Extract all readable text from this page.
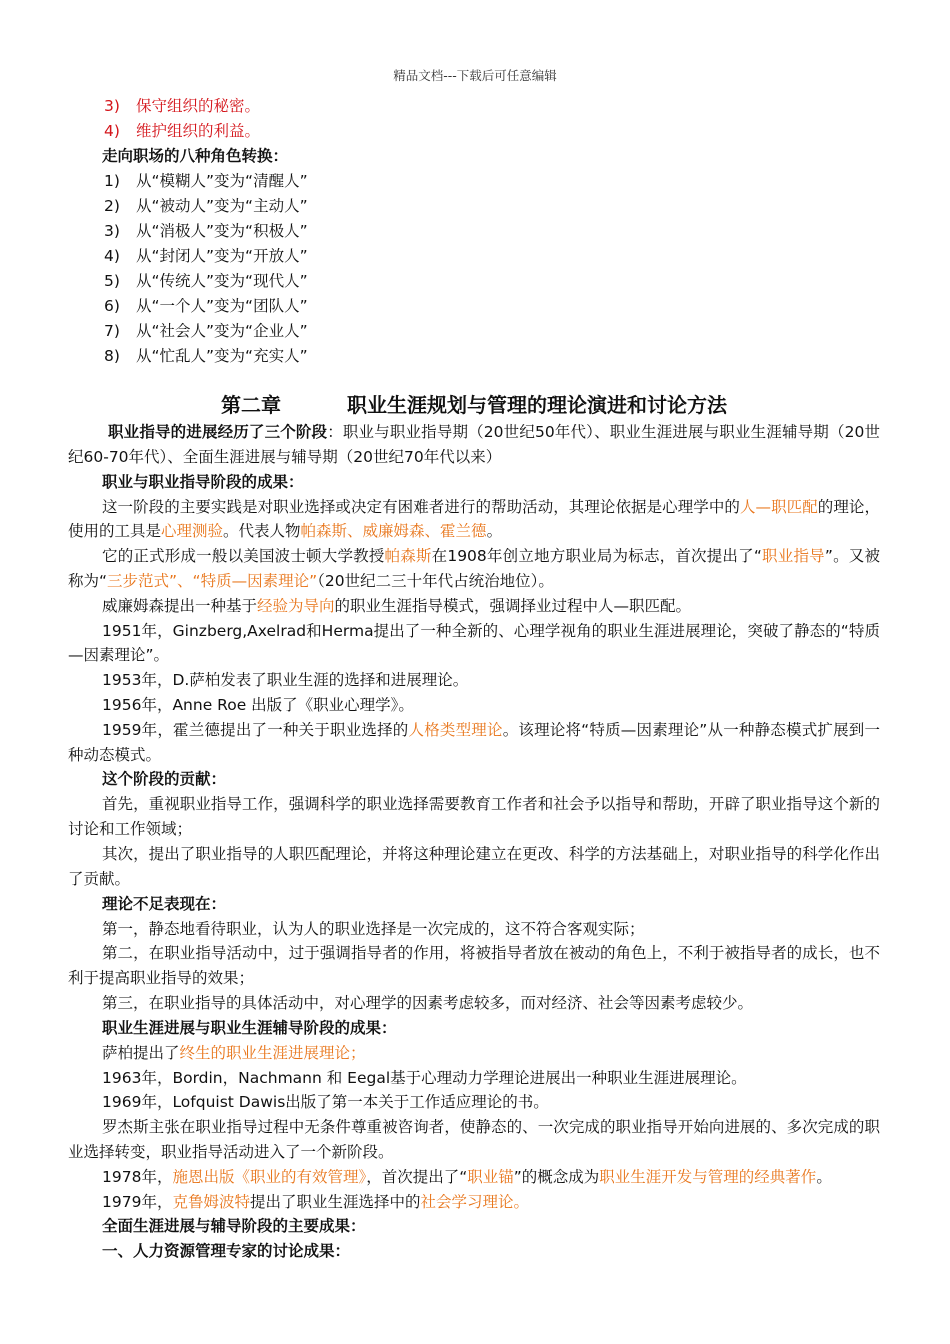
精品文档---下载后可任意编辑

3) 保守组织的秘密。

4) 维护组织的利益。

走向职场的八种角色转换：

1) 从“模糊人”变为“清醒人”

2) 从“被动人”变为“主动人”

3) 从“消极人”变为“积极人”

4) 从“封闭人”变为“开放人”

5) 从“传统人”变为“现代人”

6) 从“一个人”变为“团队人”

7) 从“社会人”变为“企业人”

8) 从“忙乱人”变为“充实人”

第二章	职业生涯规划与管理的理论演进和讨论方法

职业指导的进展经历了三个阶段：职业与职业指导期（20世纪50年代）、职业生涯进展与职业生涯辅导期（20世纪60-70年代）、全面生涯进展与辅导期（20世纪70年代以来）

职业与职业指导阶段的成果：

这一阶段的主要实践是对职业选择或决定有困难者进行的帮助活动，其理论依据是心理学中的人—职匹配的理论，使用的工具是心理测验。代表人物帕森斯、威廉姆森、霍兰德。

它的正式形成一般以美国波士顿大学教授帕森斯在1908年创立地方职业局为标志，首次提出了“职业指导”。又被称为“三步范式”、“特质—因素理论”（20世纪二三十年代占统治地位）。

威廉姆森提出一种基于经验为导向的职业生涯指导模式，强调择业过程中人—职匹配。

1951年，Ginzberg,Axelrad和Herma提出了一种全新的、心理学视角的职业生涯进展理论，突破了静态的“特质—因素理论”。

1953年，D.萨柏发表了职业生涯的选择和进展理论。

1956年，Anne Roe 出版了《职业心理学》。

1959年，霍兰德提出了一种关于职业选择的人格类型理论。该理论将“特质—因素理论”从一种静态模式扩展到一种动态模式。

这个阶段的贡献：

首先，重视职业指导工作，强调科学的职业选择需要教育工作者和社会予以指导和帮助，开辟了职业指导这个新的讨论和工作领域；

其次，提出了职业指导的人职匹配理论，并将这种理论建立在更改、科学的方法基础上，对职业指导的科学化作出了贡献。

理论不足表现在：

第一，静态地看待职业，认为人的职业选择是一次完成的，这不符合客观实际；

第二，在职业指导活动中，过于强调指导者的作用，将被指导者放在被动的角色上，不利于被指导者的成长，也不利于提高职业指导的效果；

第三，在职业指导的具体活动中，对心理学的因素考虑较多，而对经济、社会等因素考虑较少。

职业生涯进展与职业生涯辅导阶段的成果：

萨柏提出了终生的职业生涯进展理论；

1963年，Bordin，Nachmann 和 Eegal基于心理动力学理论进展出一种职业生涯进展理论。

1969年，Lofquist Dawis出版了第一本关于工作适应理论的书。

罗杰斯主张在职业指导过程中无条件尊重被咨询者，使静态的、一次完成的职业指导开始向进展的、多次完成的职业选择转变，职业指导活动进入了一个新阶段。

1978年，施恩出版《职业的有效管理》，首次提出了“职业锚”的概念成为职业生涯开发与管理的经典著作。

1979年，克鲁姆波特提出了职业生涯选择中的社会学习理论。

全面生涯进展与辅导阶段的主要成果：

一、人力资源管理专家的讨论成果：
